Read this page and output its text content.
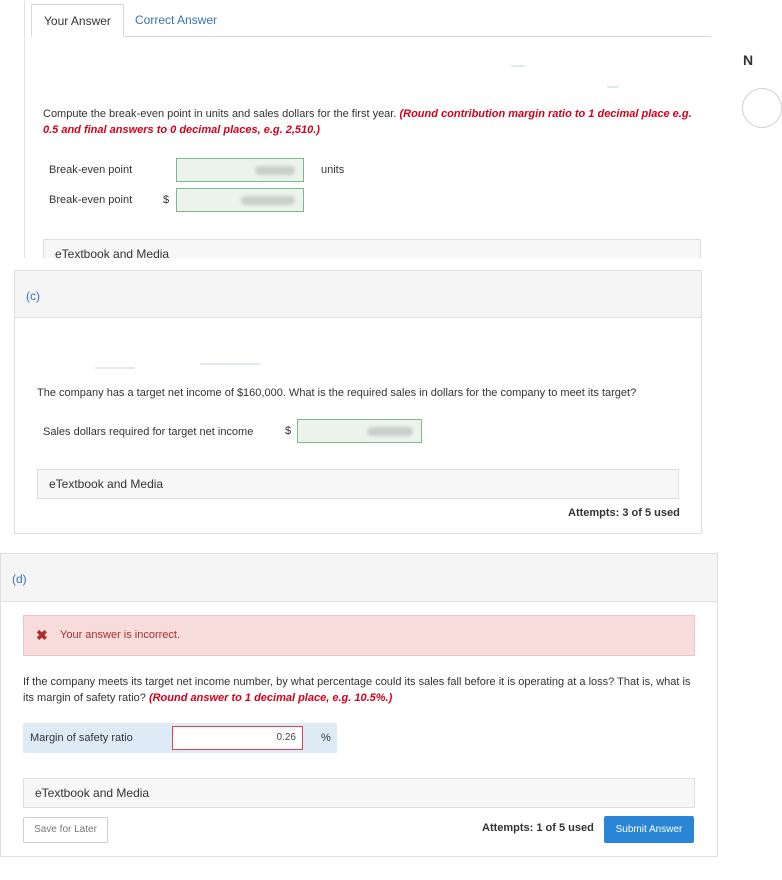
Your Answer	Correct Answer
Compute the break-even point in units and sales dollars for the first year. (Round contribution margin ratio to 1 decimal place e.g. 0.5 and final answers to 0 decimal places, e.g. 2,510.)
Break-even point	units
Break-even point	$
eTextbook and Media
(c)
The company has a target net income of $160,000. What is the required sales in dollars for the company to meet its target?
Sales dollars required for target net income	$
eTextbook and Media
Attempts: 3 of 5 used
(d)
✖ Your answer is incorrect.
If the company meets its target net income number, by what percentage could its sales fall before it is operating at a loss? That is, what is its margin of safety ratio? (Round answer to 1 decimal place, e.g. 10.5%.)
Margin of safety ratio	0.26	%
eTextbook and Media
Save for Later	Attempts: 1 of 5 used	Submit Answer
N
